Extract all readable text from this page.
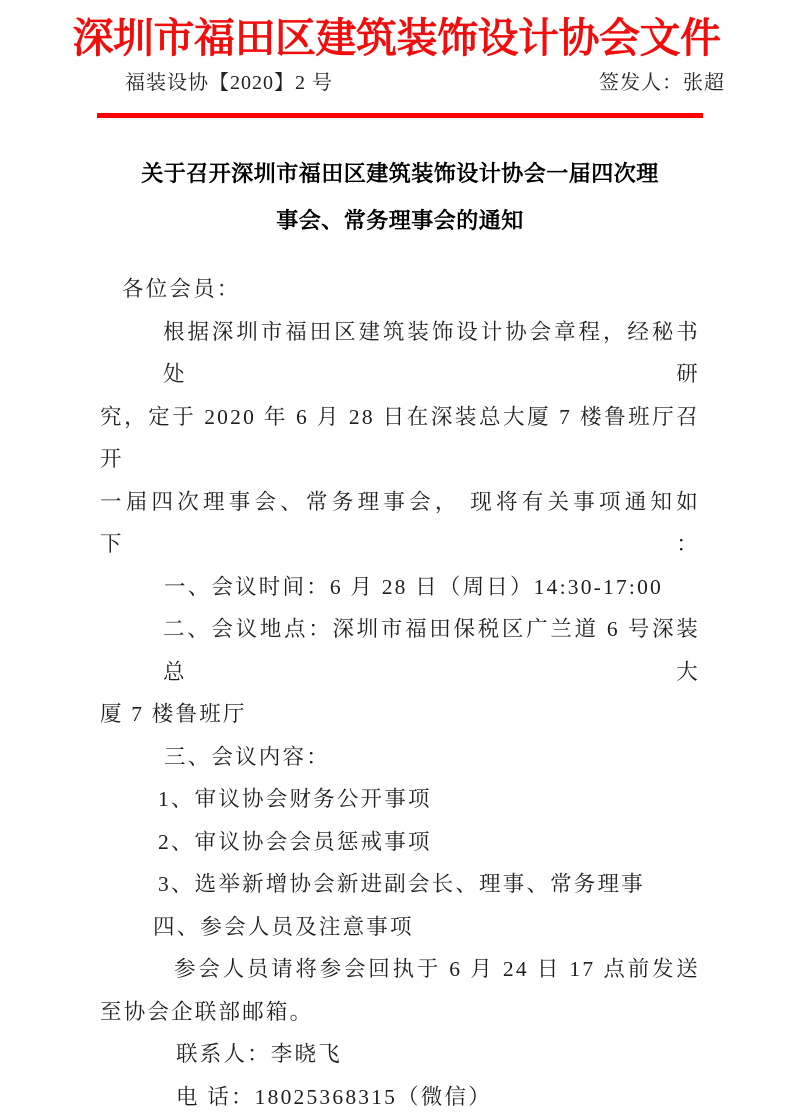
深圳市福田区建筑装饰设计协会文件
福装设协【2020】2 号	签发人：张超
关于召开深圳市福田区建筑装饰设计协会一届四次理
事会、常务理事会的通知
各位会员：
根据深圳市福田区建筑装饰设计协会章程，经秘书处研
究，定于 2020 年 6 月 28 日在深装总大厦 7 楼鲁班厅召开
一届四次理事会、常务理事会， 现将有关事项通知如下：
一、会议时间：6 月 28 日（周日）14:30-17:00
二、会议地点：深圳市福田保税区广兰道 6 号深装总大
厦 7 楼鲁班厅
三、会议内容：
1、审议协会财务公开事项
2、审议协会会员惩戒事项
3、选举新增协会新进副会长、理事、常务理事
四、参会人员及注意事项
参会人员请将参会回执于 6 月 24 日 17 点前发送
至协会企联部邮箱。
联系人：李晓飞
电 话：18025368315（微信）
